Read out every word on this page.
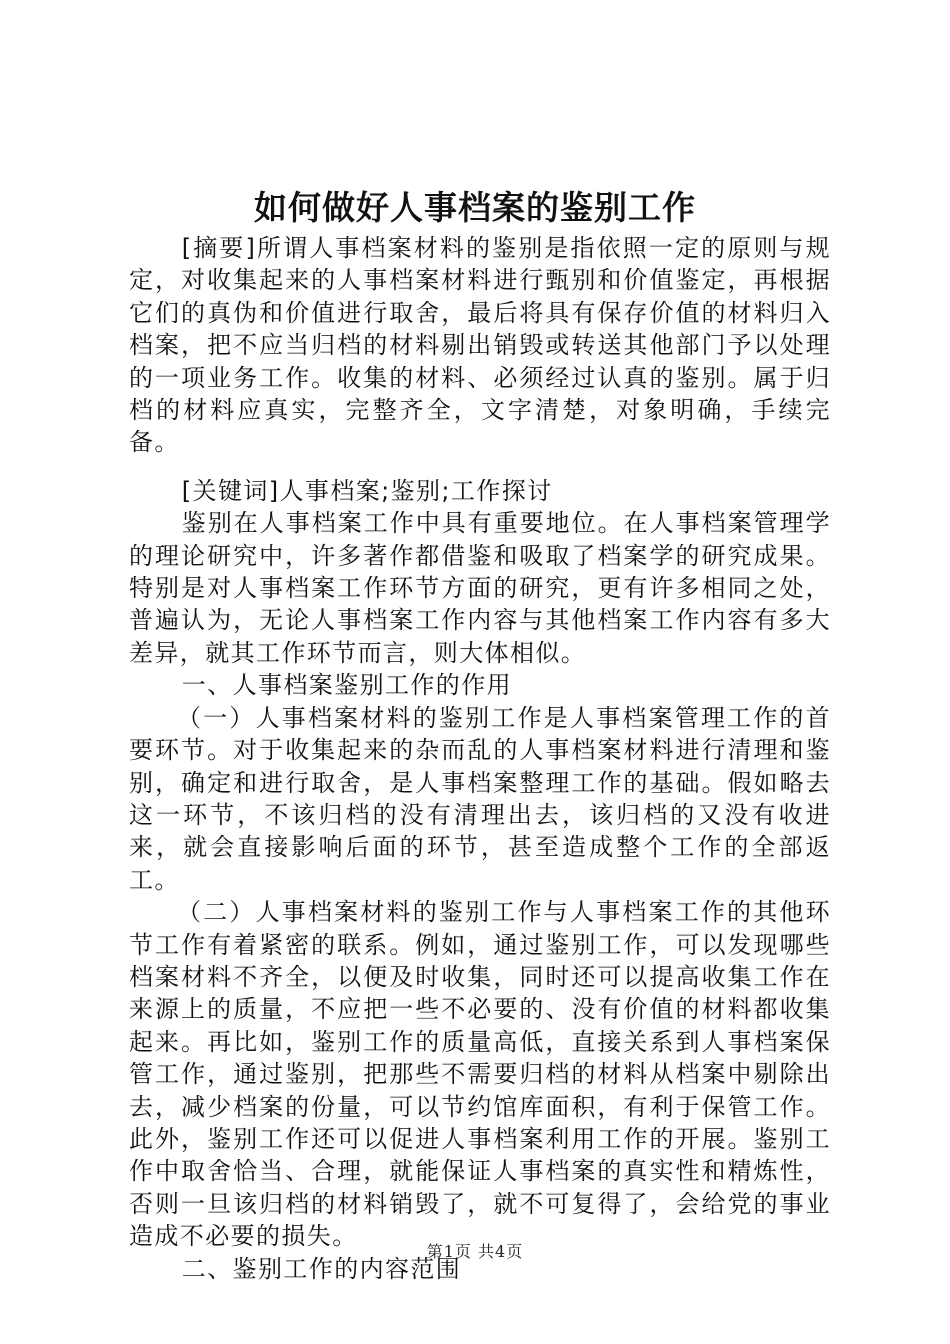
如何做好人事档案的鉴别工作

[摘要]所谓人事档案材料的鉴别是指依照一定的原则与规定，对收集起来的人事档案材料进行甄别和价值鉴定，再根据它们的真伪和价值进行取舍，最后将具有保存价值的材料归入档案，把不应当归档的材料剔出销毁或转送其他部门予以处理的一项业务工作。收集的材料、必须经过认真的鉴别。属于归档的材料应真实，完整齐全，文字清楚，对象明确，手续完备。

[关键词]人事档案;鉴别;工作探讨

鉴别在人事档案工作中具有重要地位。在人事档案管理学的理论研究中，许多著作都借鉴和吸取了档案学的研究成果。特别是对人事档案工作环节方面的研究，更有许多相同之处，普遍认为，无论人事档案工作内容与其他档案工作内容有多大差异，就其工作环节而言，则大体相似。

一、人事档案鉴别工作的作用

（一）人事档案材料的鉴别工作是人事档案管理工作的首要环节。对于收集起来的杂而乱的人事档案材料进行清理和鉴别，确定和进行取舍，是人事档案整理工作的基础。假如略去这一环节，不该归档的没有清理出去，该归档的又没有收进来，就会直接影响后面的环节，甚至造成整个工作的全部返工。

（二）人事档案材料的鉴别工作与人事档案工作的其他环节工作有着紧密的联系。例如，通过鉴别工作，可以发现哪些档案材料不齐全，以便及时收集，同时还可以提高收集工作在来源上的质量，不应把一些不必要的、没有价值的材料都收集起来。再比如，鉴别工作的质量高低，直接关系到人事档案保管工作，通过鉴别，把那些不需要归档的材料从档案中剔除出去，减少档案的份量，可以节约馆库面积，有利于保管工作。此外，鉴别工作还可以促进人事档案利用工作的开展。鉴别工作中取舍恰当、合理，就能保证人事档案的真实性和精炼性，否则一旦该归档的材料销毁了，就不可复得了，会给党的事业造成不必要的损失。

二、鉴别工作的内容范围

第1页 共4页
